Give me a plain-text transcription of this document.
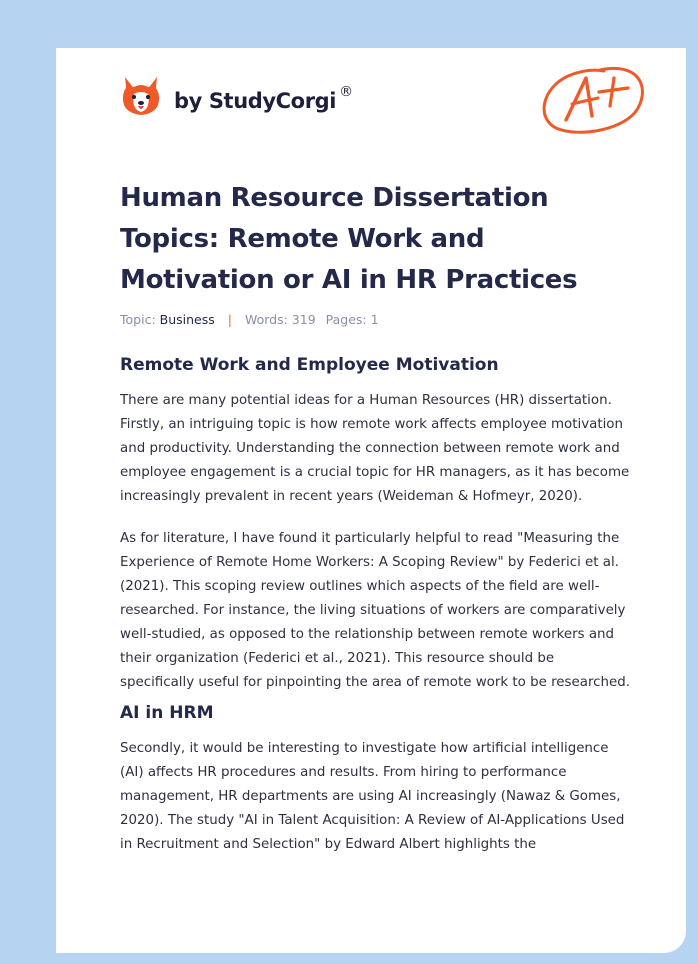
by StudyCorgi ®
Human Resource Dissertation Topics: Remote Work and Motivation or AI in HR Practices
Topic: Business | Words: 319 Pages: 1
Remote Work and Employee Motivation

There are many potential ideas for a Human Resources (HR) dissertation. Firstly, an intriguing topic is how remote work affects employee motivation and productivity. Understanding the connection between remote work and employee engagement is a crucial topic for HR managers, as it has become increasingly prevalent in recent years (Weideman & Hofmeyr, 2020).

As for literature, I have found it particularly helpful to read "Measuring the Experience of Remote Home Workers: A Scoping Review" by Federici et al. (2021). This scoping review outlines which aspects of the field are well-researched. For instance, the living situations of workers are comparatively well-studied, as opposed to the relationship between remote workers and their organization (Federici et al., 2021). This resource should be specifically useful for pinpointing the area of remote work to be researched.

AI in HRM

Secondly, it would be interesting to investigate how artificial intelligence (AI) affects HR procedures and results. From hiring to performance management, HR departments are using AI increasingly (Nawaz & Gomes, 2020). The study "AI in Talent Acquisition: A Review of AI-Applications Used in Recruitment and Selection" by Edward Albert highlights the
